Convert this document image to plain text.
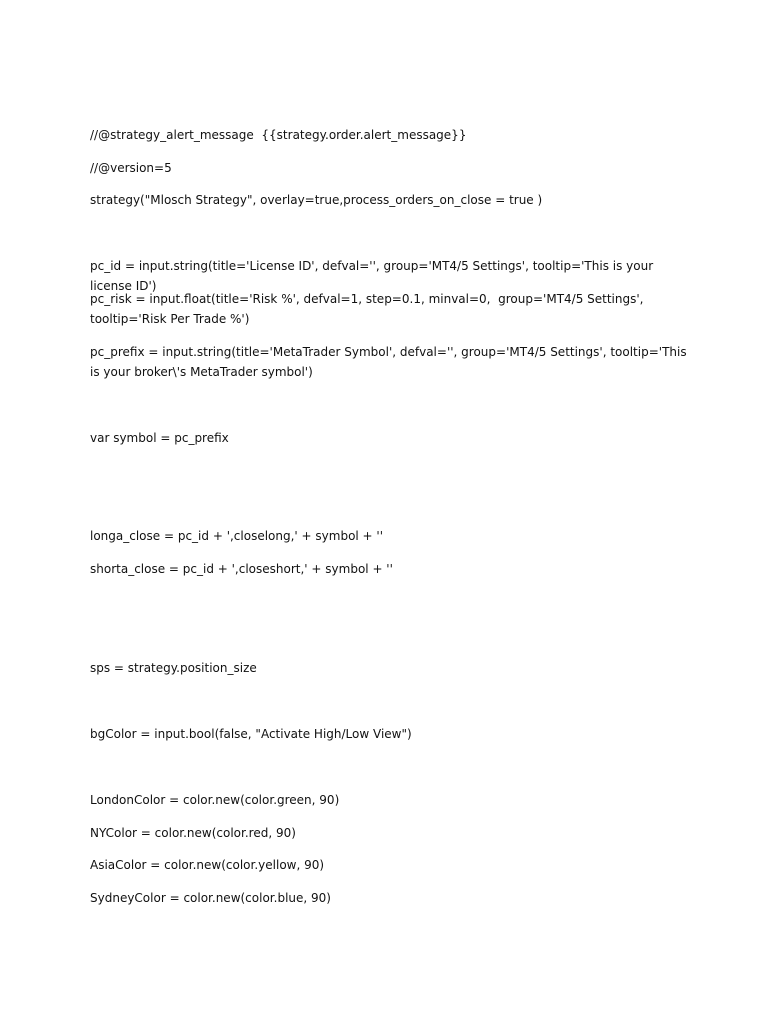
//@strategy_alert_message  {{strategy.order.alert_message}}

//@version=5

strategy("Mlosch Strategy", overlay=true,process_orders_on_close = true )

pc_id = input.string(title='License ID', defval='', group='MT4/5 Settings', tooltip='This is your license ID')

pc_risk = input.float(title='Risk %', defval=1, step=0.1, minval=0,  group='MT4/5 Settings', tooltip='Risk Per Trade %')

pc_prefix = input.string(title='MetaTrader Symbol', defval='', group='MT4/5 Settings', tooltip='This is your broker\'s MetaTrader symbol')

var symbol = pc_prefix

longa_close = pc_id + ',closelong,' + symbol + ''

shorta_close = pc_id + ',closeshort,' + symbol + ''

sps = strategy.position_size

bgColor = input.bool(false, "Activate High/Low View")

LondonColor = color.new(color.green, 90)

NYColor = color.new(color.red, 90)

AsiaColor = color.new(color.yellow, 90)

SydneyColor = color.new(color.blue, 90)
